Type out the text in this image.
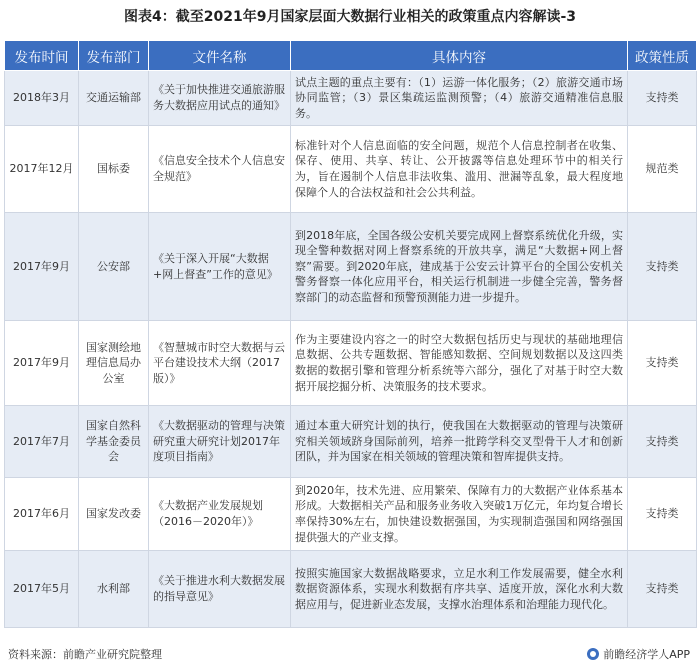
图表4：截至2021年9月国家层面大数据行业相关的政策重点内容解读-3
发布时间	发布部门	文件名称	具体内容	政策性质
2018年3月	交通运输部	《关于加快推进交通旅游服务大数据应用试点的通知》	试点主题的重点主要有：（1）运游一体化服务；（2）旅游交通市场协同监管；（3）景区集疏运监测预警；（4）旅游交通精准信息服务。	支持类
2017年12月	国标委	《信息安全技术个人信息安全规范》	标准针对个人信息面临的安全问题，规范个人信息控制者在收集、保存、使用、共享、转让、公开披露等信息处理环节中的相关行为，旨在遏制个人信息非法收集、滥用、泄漏等乱象，最大程度地保障个人的合法权益和社会公共利益。	规范类
2017年9月	公安部	《关于深入开展“大数据+网上督查”工作的意见》	到2018年底，全国各级公安机关要完成网上督察系统优化升级，实现全警种数据对网上督察系统的开放共享，满足“大数据+网上督察”需要。到2020年底，建成基于公安云计算平台的全国公安机关警务督察一体化应用平台，相关运行机制进一步健全完善，警务督察部门的动态监督和预警预测能力进一步提升。	支持类
2017年9月	国家测绘地理信息局办公室	《智慧城市时空大数据与云平台建设技术大纲（2017版）》	作为主要建设内容之一的时空大数据包括历史与现状的基础地理信息数据、公共专题数据、智能感知数据、空间规划数据以及这四类数据的数据引擎和管理分析系统等六部分，强化了对基于时空大数据开展挖掘分析、决策服务的技术要求。	支持类
2017年7月	国家自然科学基金委员会	《大数据驱动的管理与决策研究重大研究计划2017年度项目指南》	通过本重大研究计划的执行，使我国在大数据驱动的管理与决策研究相关领域跻身国际前列，培养一批跨学科交叉型骨干人才和创新团队，并为国家在相关领域的管理决策和智库提供支持。	支持类
2017年6月	国家发改委	《大数据产业发展规划（2016－2020年）》	到2020年，技术先进、应用繁荣、保障有力的大数据产业体系基本形成。大数据相关产品和服务业务收入突破1万亿元，年均复合增长率保持30%左右，加快建设数据强国，为实现制造强国和网络强国提供强大的产业支撑。	支持类
2017年5月	水利部	《关于推进水利大数据发展的指导意见》	按照实施国家大数据战略要求，立足水利工作发展需要，健全水利数据资源体系，实现水利数据有序共享、适度开放，深化水利大数据应用与，促进新业态发展，支撑水治理体系和治理能力现代化。	支持类
资料来源：前瞻产业研究院整理	前瞻经济学人APP
